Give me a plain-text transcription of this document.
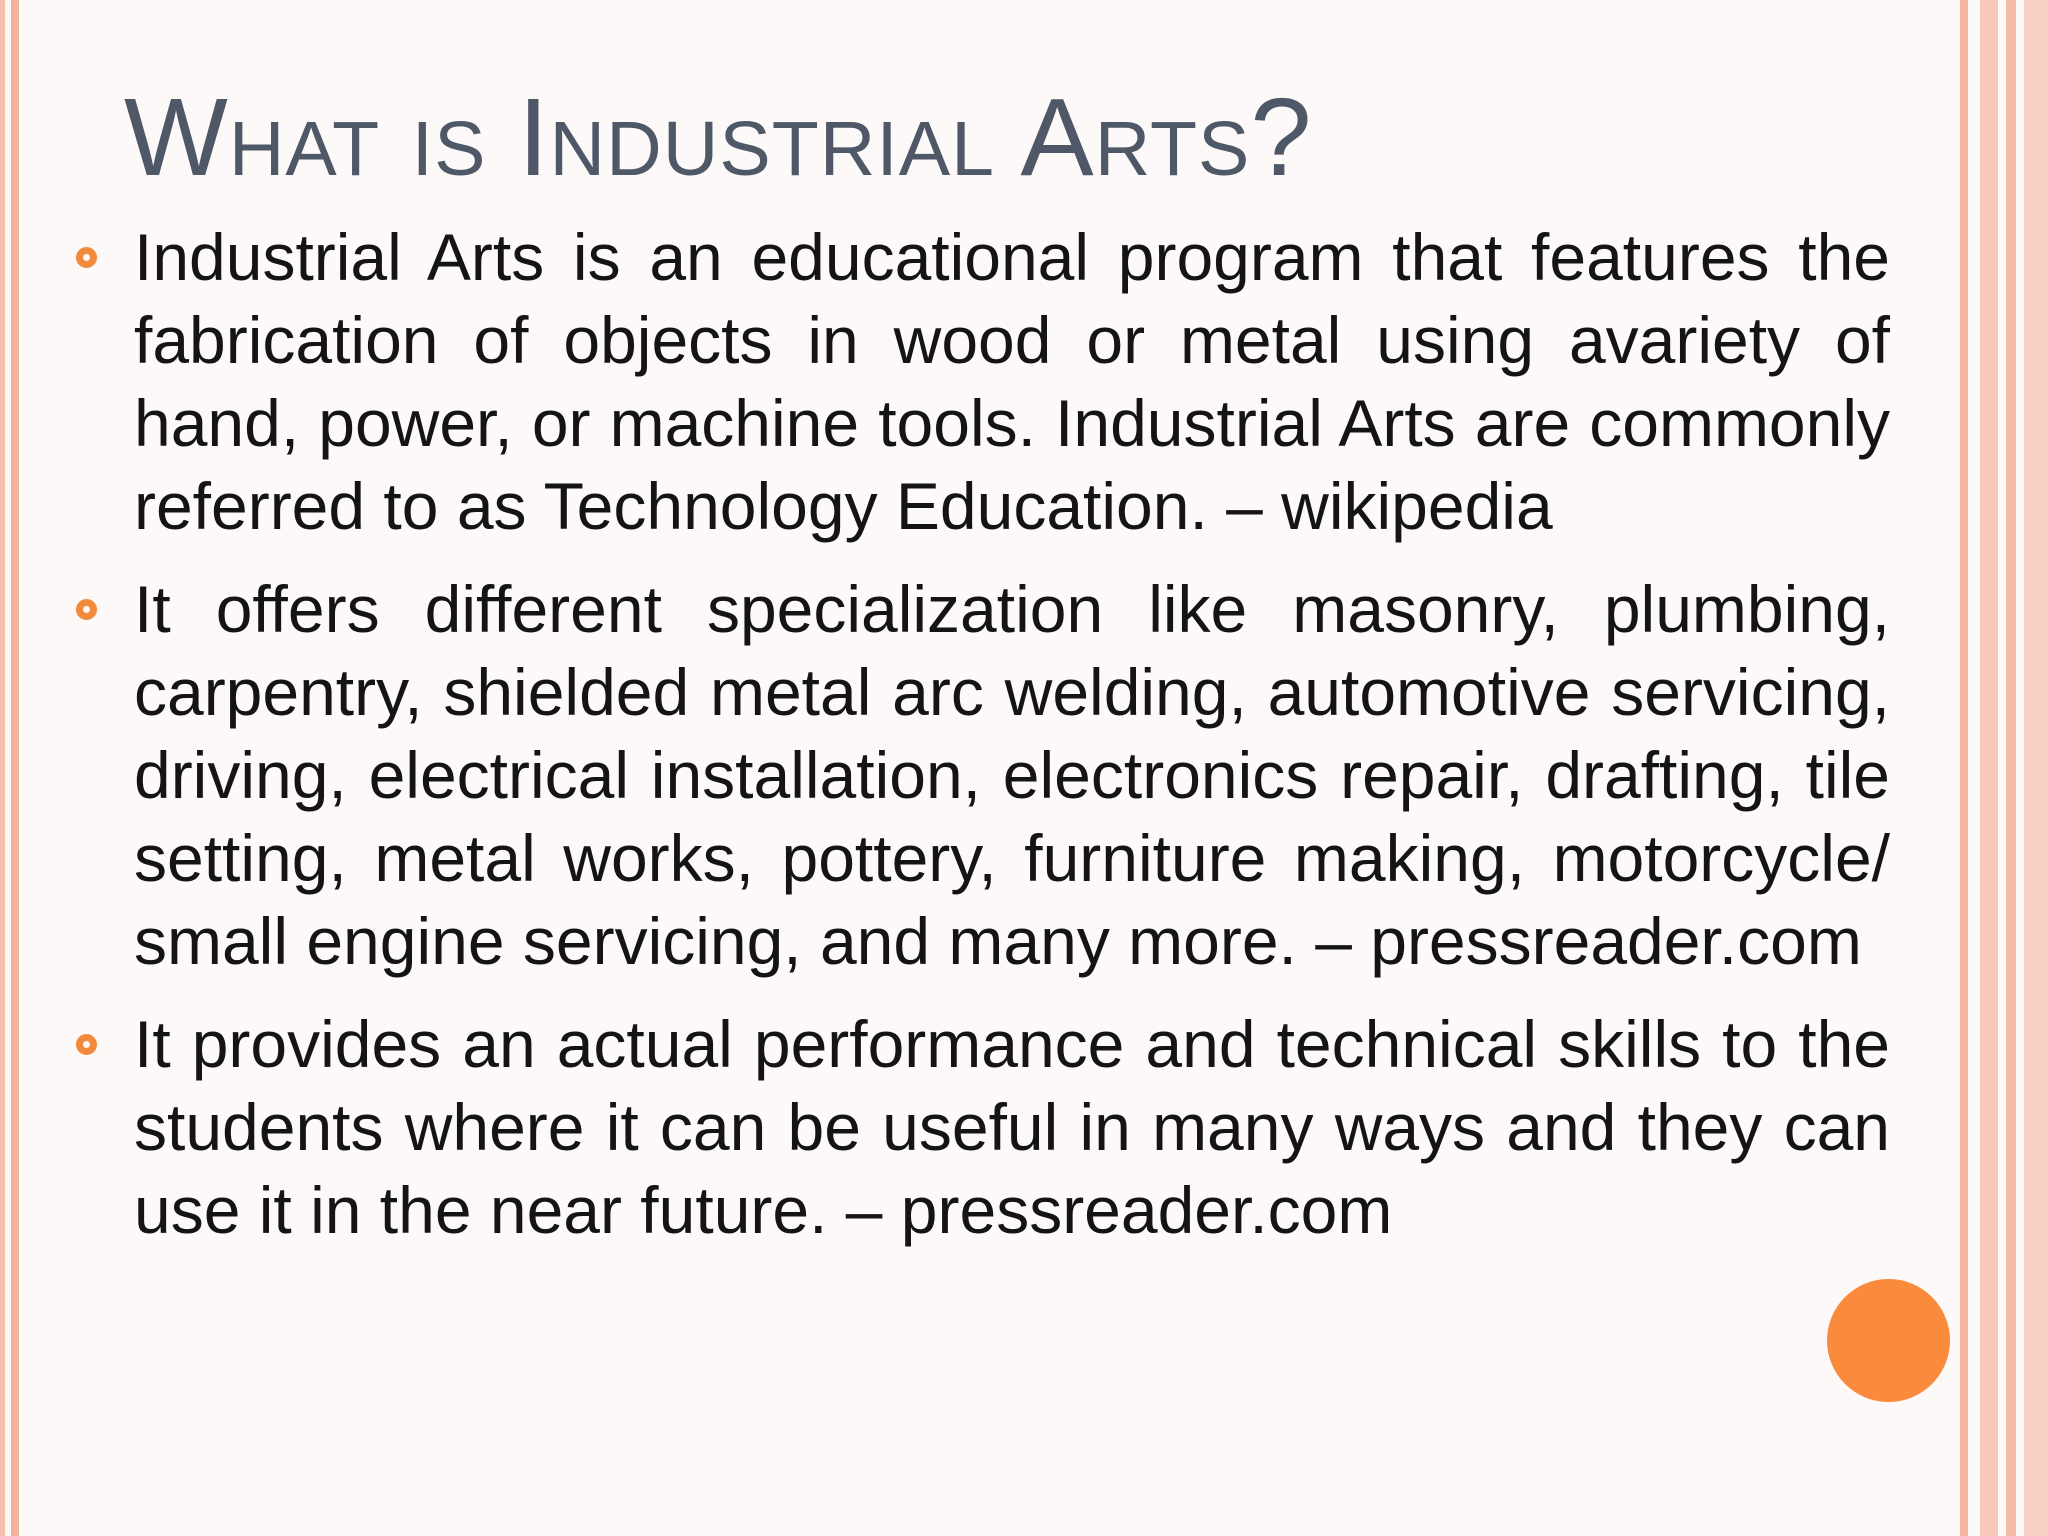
What is Industrial Arts?
Industrial Arts is an educational program that features the fabrication of objects in wood or metal using avariety of hand, power, or machine tools. Industrial Arts are commonly referred to as Technology Education. – wikipedia
It offers different specialization like masonry, plumbing, carpentry, shielded metal arc welding, automotive servicing, driving, electrical installation, electronics repair, drafting, tile setting, metal works, pottery, furniture making, motorcycle/ small engine servicing, and many more. – pressreader.com
It provides an actual performance and technical skills to the students where it can be useful in many ways and they can use it in the near future. – pressreader.com
